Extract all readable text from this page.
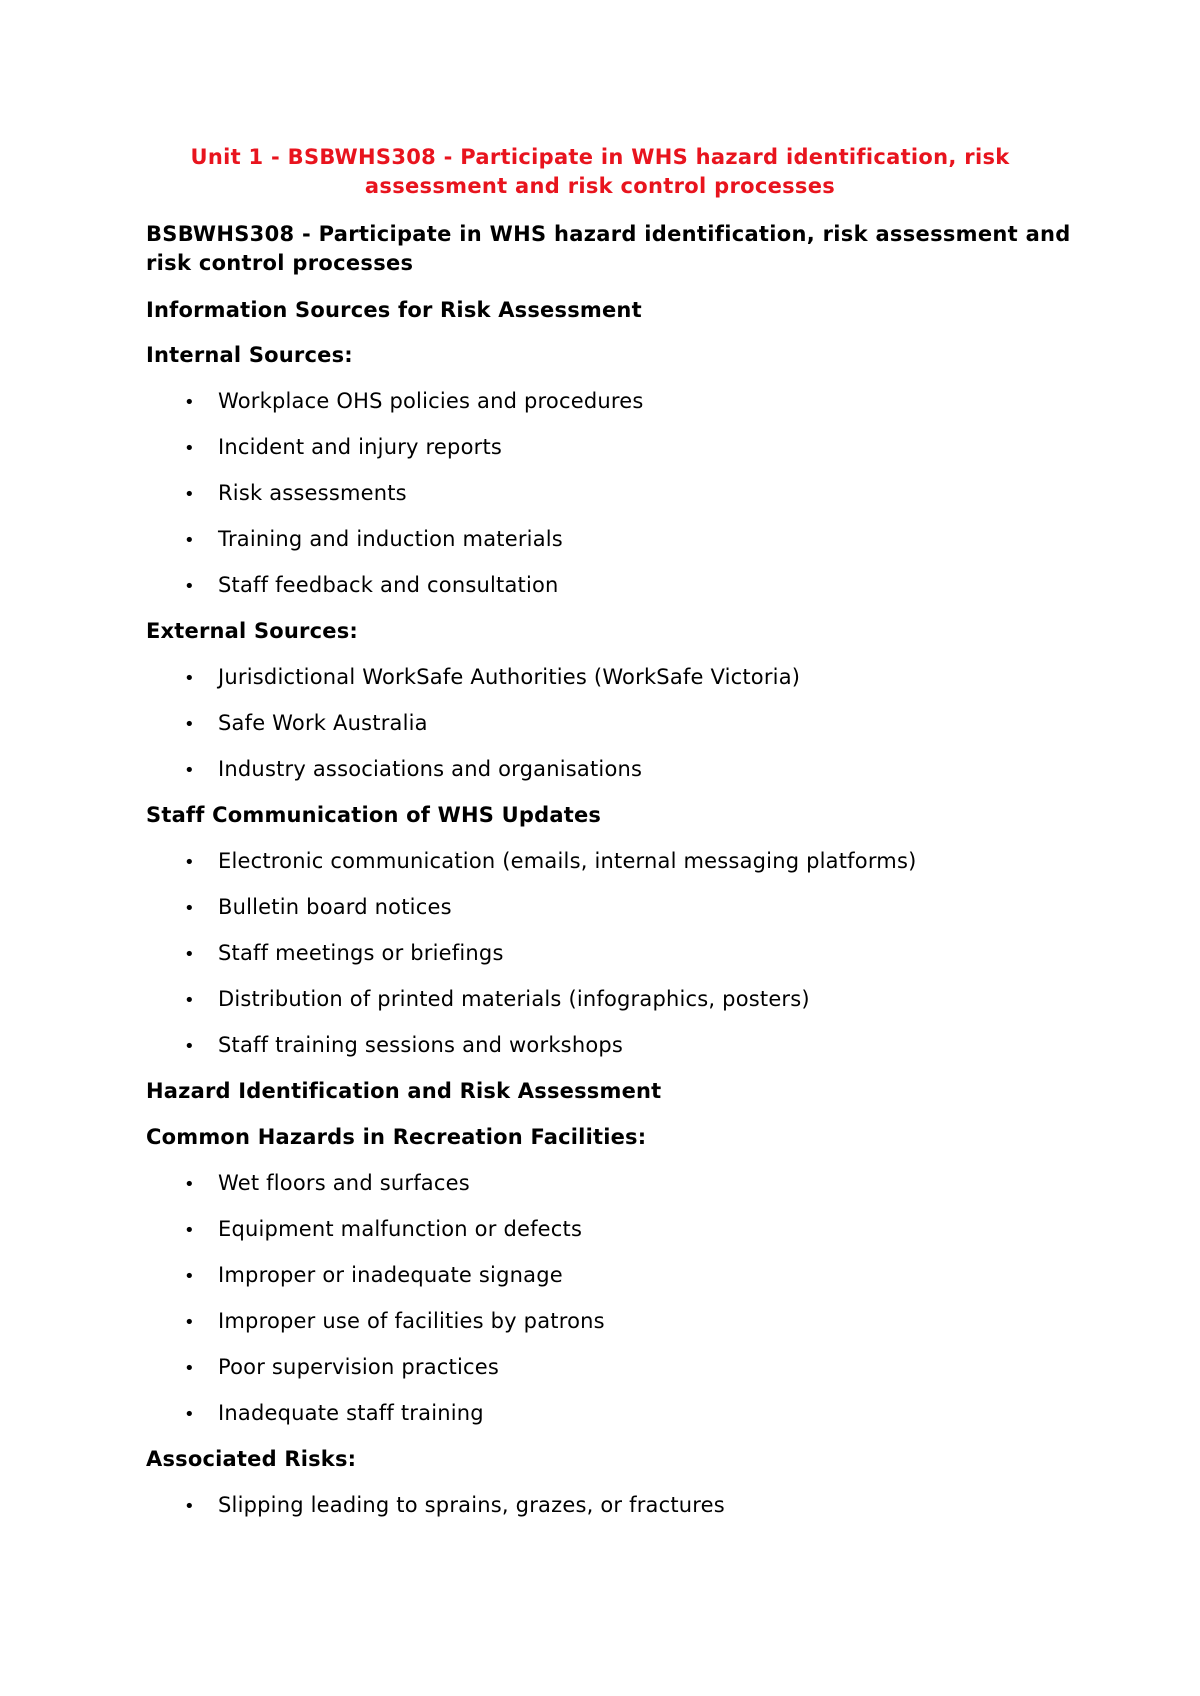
Unit 1 - BSBWHS308 - Participate in WHS hazard identification, risk assessment and risk control processes
BSBWHS308 - Participate in WHS hazard identification, risk assessment and risk control processes
Information Sources for Risk Assessment
Internal Sources:
• Workplace OHS policies and procedures
• Incident and injury reports
• Risk assessments
• Training and induction materials
• Staff feedback and consultation
External Sources:
• Jurisdictional WorkSafe Authorities (WorkSafe Victoria)
• Safe Work Australia
• Industry associations and organisations
Staff Communication of WHS Updates
• Electronic communication (emails, internal messaging platforms)
• Bulletin board notices
• Staff meetings or briefings
• Distribution of printed materials (infographics, posters)
• Staff training sessions and workshops
Hazard Identification and Risk Assessment
Common Hazards in Recreation Facilities:
• Wet floors and surfaces
• Equipment malfunction or defects
• Improper or inadequate signage
• Improper use of facilities by patrons
• Poor supervision practices
• Inadequate staff training
Associated Risks:
• Slipping leading to sprains, grazes, or fractures
